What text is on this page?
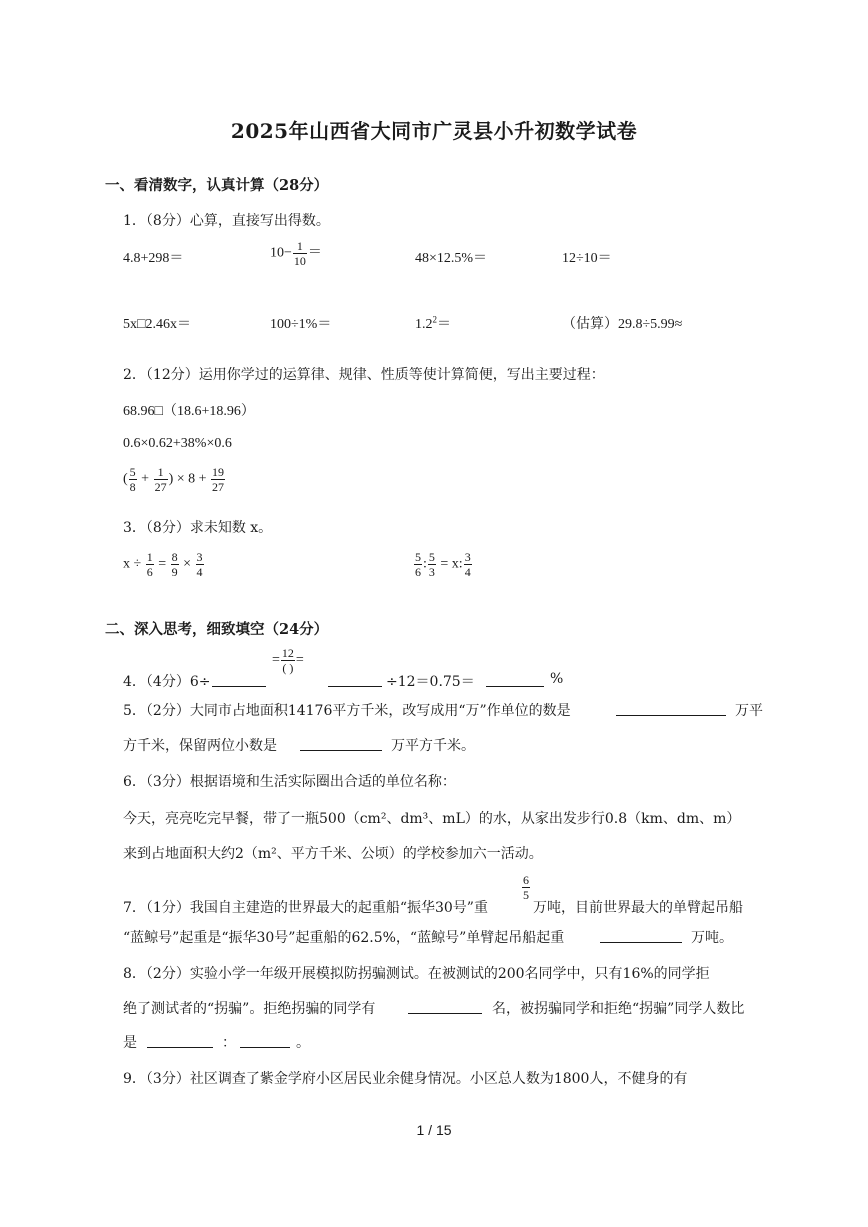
2025年山西省大同市广灵县小升初数学试卷
一、看清数字，认真计算（28分）
1．（8分）心算，直接写出得数。
4.8+298＝	$10- \frac{1}{10}$ ＝	48×12.5%＝	12÷10＝
5x□2.46x＝	100÷1%＝	$1.2^2=$	（估算）29.8÷5.99≈
2．（12分）运用你学过的运算律、规律、性质等使计算简便，写出主要过程：
68.96□（18.6+18.96）
0.6×0.62+38%×0.6
( $\frac{5}{8} + \frac{1}{27}$ ) × $8 + \frac{19}{27}$
3．（8分）求未知数 x。
$x \div \frac{1}{6} = \frac{8}{9} \times \frac{3}{4}$	$\frac{5}{6}$ : $\frac{5}{3} = x$: $\frac{3}{4}$
二、深入思考，细致填空（24分）
4．（4分）6÷
= $\frac{12}{( )}$ =
÷12＝0.75＝	%
5．（2分）大同市占地面积14176平方千米，改写成用“万”作单位的数是	万平
方千米，保留两位小数是	万平方千米。
6．（3分）根据语境和生活实际圈出合适的单位名称：
今天，亮亮吃完早餐，带了一瓶500（cm²、dm³、mL）的水，从家出发步行0.8（km、dm、m）
来到占地面积大约2（m²、平方千米、公顷）的学校参加六一活动。
7．（1分）我国自主建造的世界最大的起重船“振华30号”重
$\frac{6}{5}$
万吨，目前世界最大的单臂起吊船
“蓝鲸号”起重是“振华30号”起重船的62.5%，“蓝鲸号”单臂起吊船起重	万吨。
8．（2分）实验小学一年级开展模拟防拐骗测试。在被测试的200名同学中，只有16%的同学拒
绝了测试者的“拐骗”。拒绝拐骗的同学有	名，被拐骗同学和拒绝“拐骗”同学人数比
是	：	。
9．（3分）社区调查了紫金学府小区居民业余健身情况。小区总人数为1800人，不健身的有
1 / 15
